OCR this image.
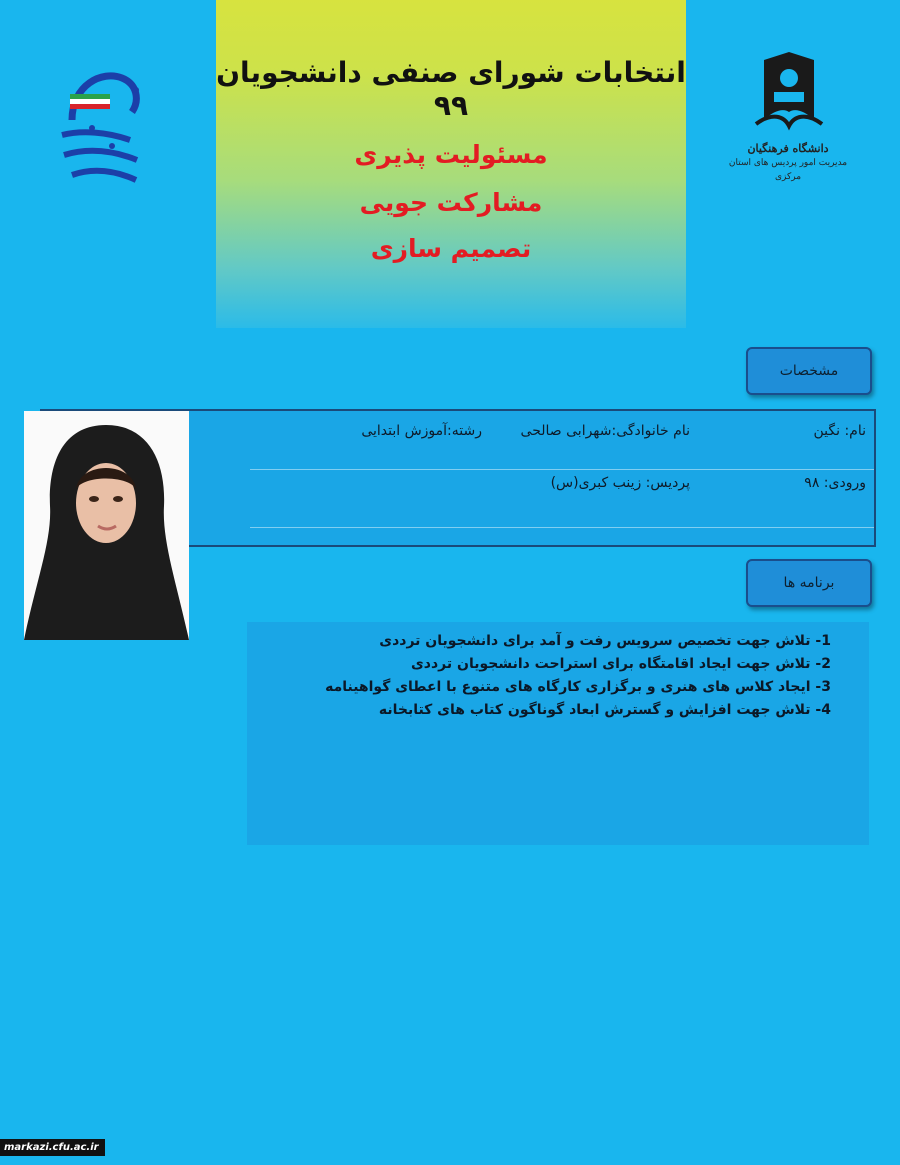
انتخابات شورای صنفی دانشجویان ۹۹
مسئولیت پذیری
مشارکت جویی
تصمیم سازی
دانشگاه فرهنگیان
مدیریت امور پردیس های استان مرکزی
مشخصات
نام: نگین
نام خانوادگی:شهرابی صالحی
رشته:آموزش ابتدایی
ورودی: ۹۸
پردیس: زینب کبری(س)
برنامه ها
1- تلاش جهت تخصیص سرویس رفت و آمد برای دانشجویان ترددی
2- تلاش جهت ایجاد اقامتگاه برای استراحت دانشجویان ترددی
3- ایجاد کلاس های هنری و برگزاری کارگاه های متنوع با اعطای گواهینامه
4- تلاش جهت افزایش و گسترش ابعاد گوناگون کتاب های کتابخانه
markazi.cfu.ac.ir
